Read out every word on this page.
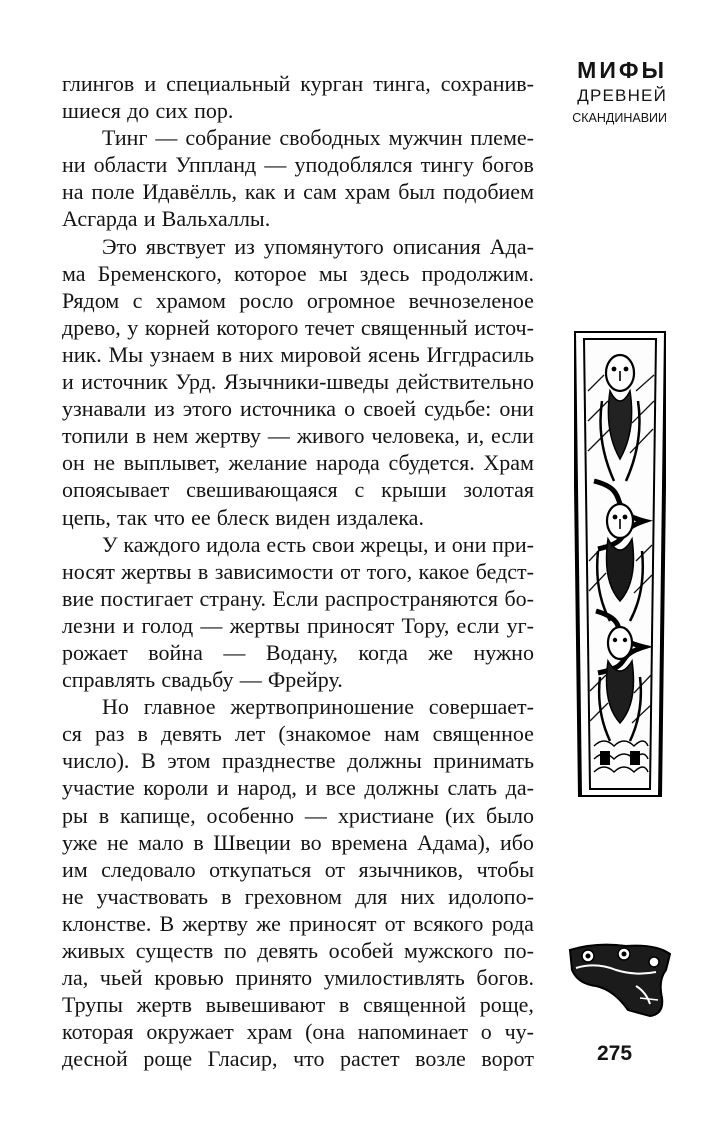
глингов и специальный курган тинга, сохранив-
шиеся до сих пор.
Тинг — собрание свободных мужчин племе-
ни области Уппланд — уподоблялся тингу богов
на поле Идавёлль, как и сам храм был подобием
Асгарда и Вальхаллы.
Это явствует из упомянутого описания Ада-
ма Бременского, которое мы здесь продолжим.
Рядом с храмом росло огромное вечнозеленое
древо, у корней которого течет священный источ-
ник. Мы узнаем в них мировой ясень Иггдрасиль
и источник Урд. Язычники-шведы действительно
узнавали из этого источника о своей судьбе: они
топили в нем жертву — живого человека, и, если
он не выплывет, желание народа сбудется. Храм
опоясывает свешивающаяся с крыши золотая
цепь, так что ее блеск виден издалека.
У каждого идола есть свои жрецы, и они при-
носят жертвы в зависимости от того, какое бедст-
вие постигает страну. Если распространяются бо-
лезни и голод — жертвы приносят Тору, если уг-
рожает война — Водану, когда же нужно
справлять свадьбу — Фрейру.
Но главное жертвоприношение совершает-
ся раз в девять лет (знакомое нам священное
число). В этом празднестве должны принимать
участие короли и народ, и все должны слать да-
ры в капище, особенно — христиане (их было
уже не мало в Швеции во времена Адама), ибо
им следовало откупаться от язычников, чтобы
не участвовать в греховном для них идолопо-
клонстве. В жертву же приносят от всякого рода
живых существ по девять особей мужского по-
ла, чьей кровью принято умилостивлять богов.
Трупы жертв вывешивают в священной роще,
которая окружает храм (она напоминает о чу-
десной роще Гласир, что растет возле ворот
МИФЫ
ДРЕВНЕЙ
СКАНДИНАВИИ
275
